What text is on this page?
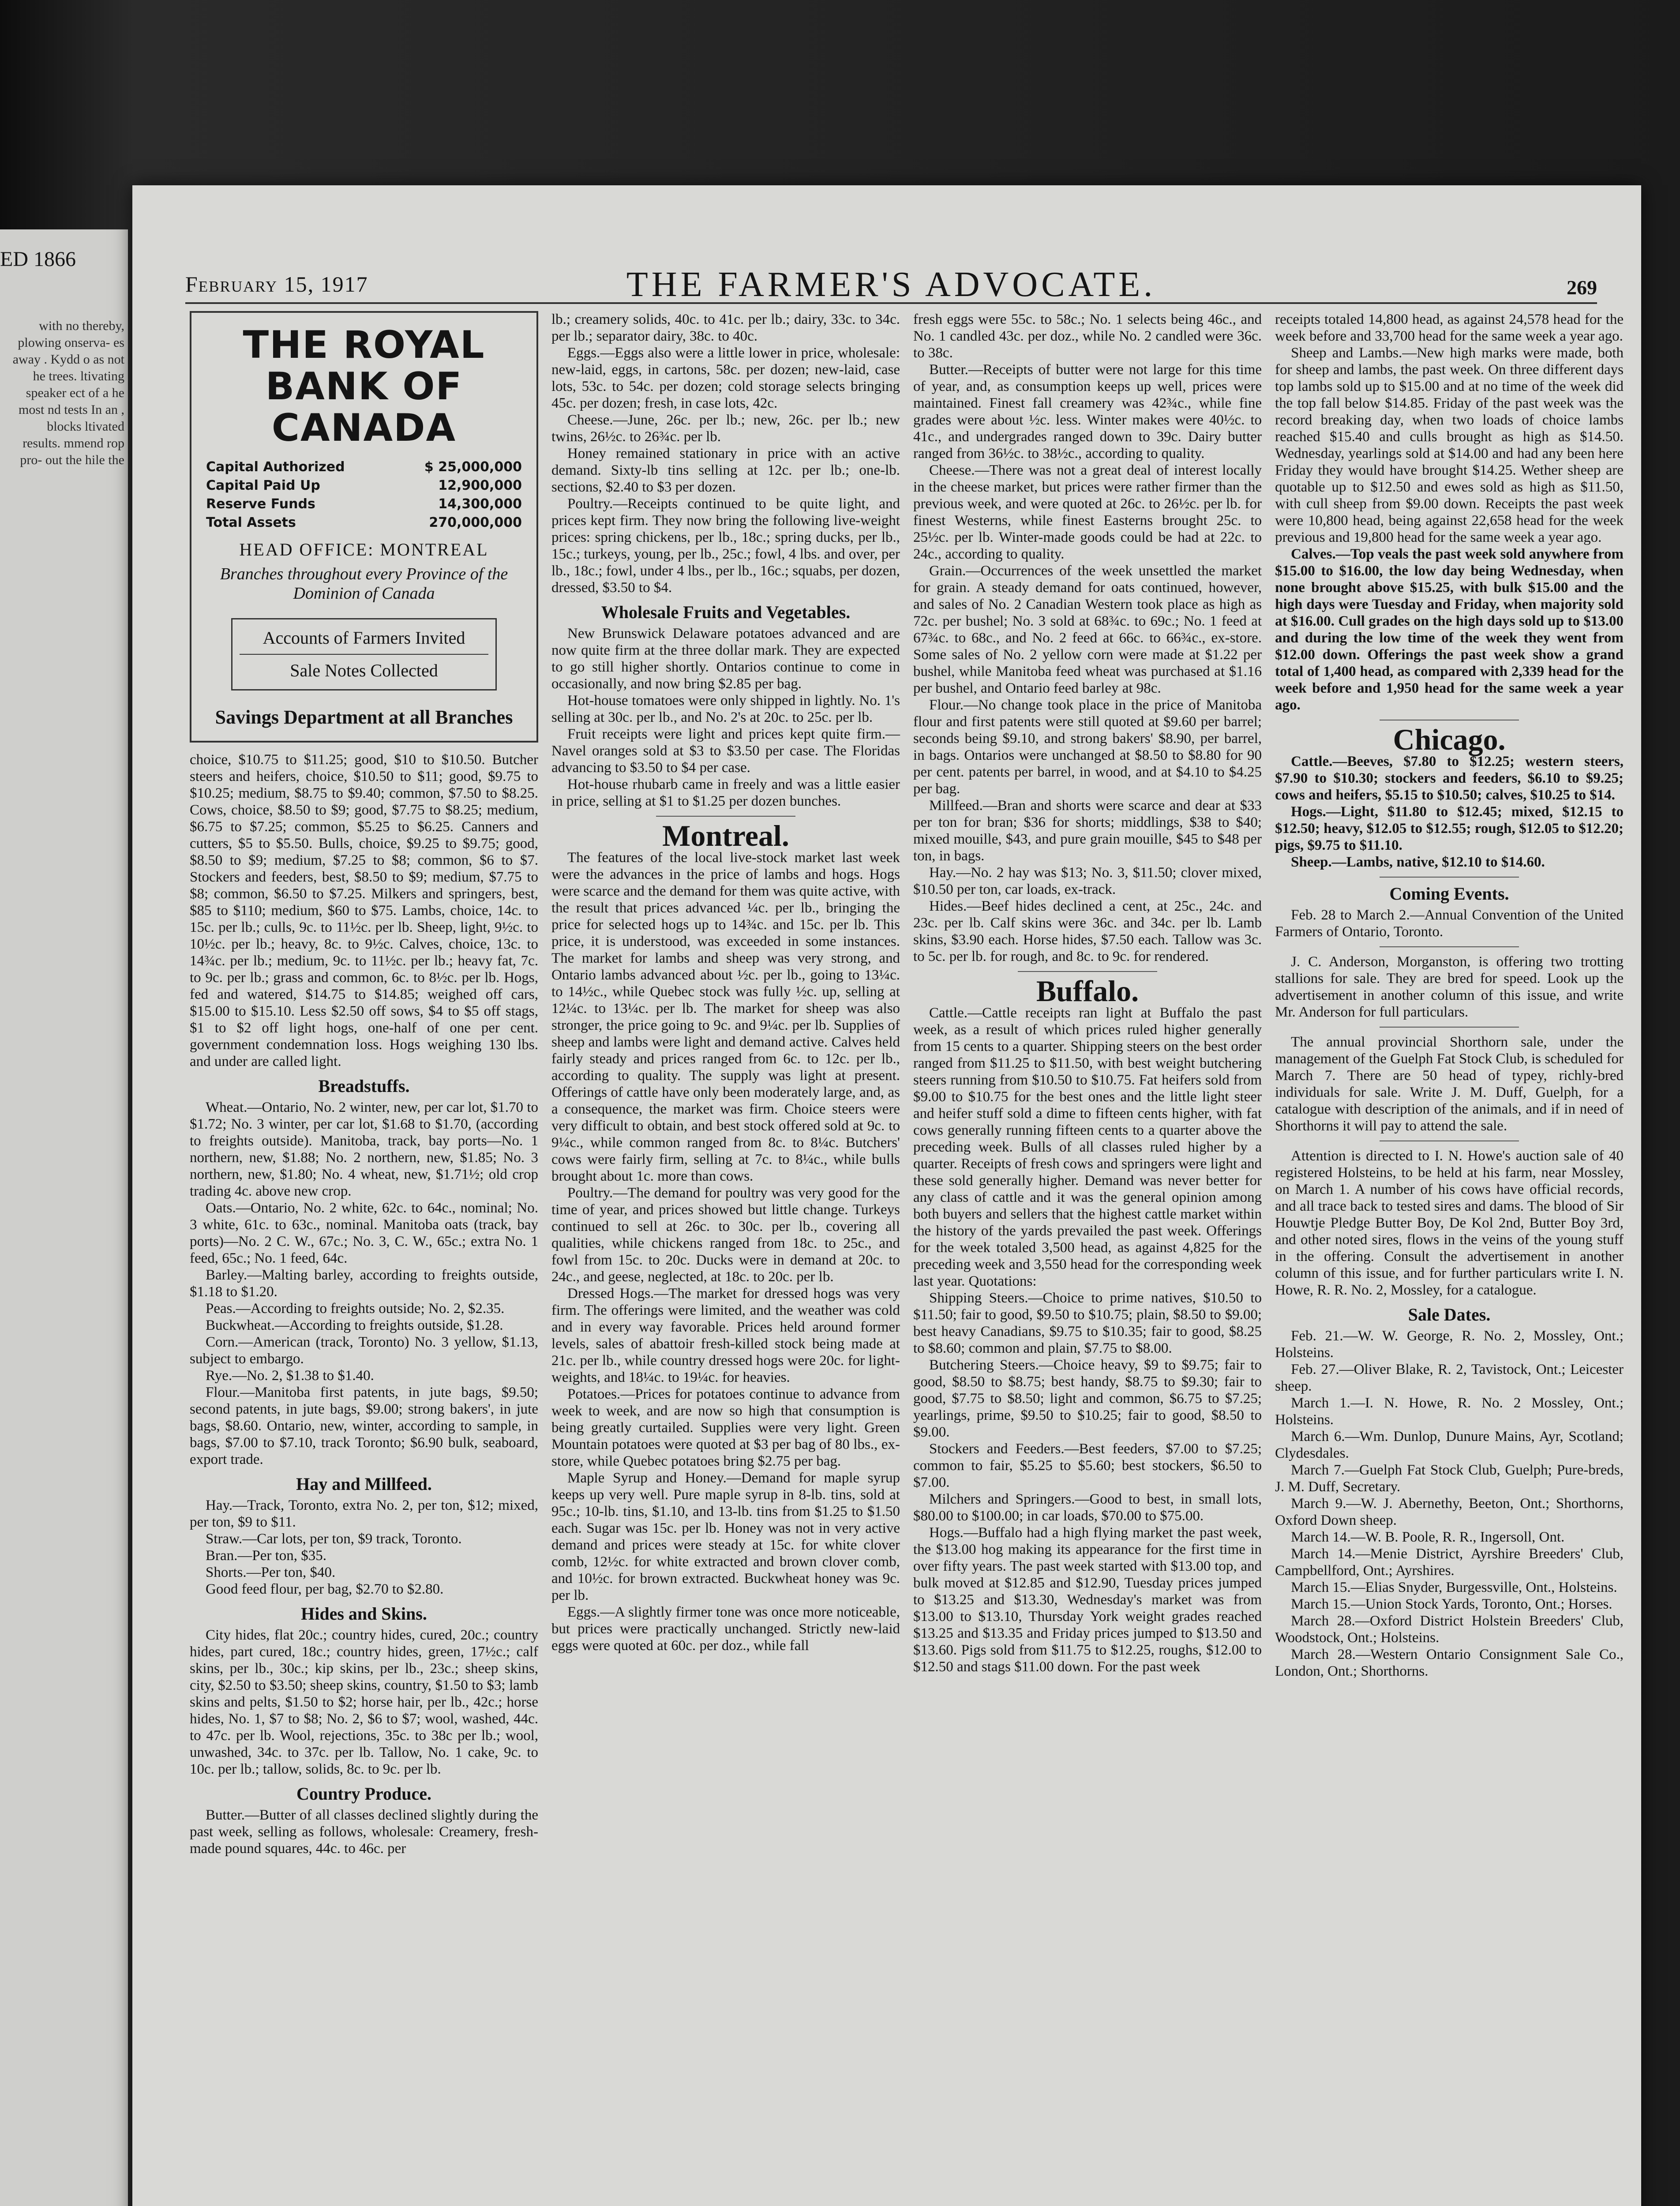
ED 1866
with no thereby, plowing onserva- es away . Kydd o as not he trees. ltivating speaker ect of a he most nd tests In an , blocks ltivated results. mmend rop pro- out the hile the
February 15, 1917	THE FARMER'S ADVOCATE.	269
THE ROYAL BANK OF CANADA
Capital Authorized	$ 25,000,000
Capital Paid Up	12,900,000
Reserve Funds	14,300,000
Total Assets	270,000,000
HEAD OFFICE: MONTREAL
Branches throughout every Province of the Dominion of Canada
Accounts of Farmers Invited
Sale Notes Collected
Savings Department at all Branches

choice, $10.75 to $11.25; good, $10 to $10.50. Butcher steers and heifers, choice, $10.50 to $11; good, $9.75 to $10.25; medium, $8.75 to $9.40; common, $7.50 to $8.25. Cows, choice, $8.50 to $9; good, $7.75 to $8.25; medium, $6.75 to $7.25; common, $5.25 to $6.25. Canners and cutters, $5 to $5.50. Bulls, choice, $9.25 to $9.75; good, $8.50 to $9; medium, $7.25 to $8; common, $6 to $7. Stockers and feeders, best, $8.50 to $9; medium, $7.75 to $8; common, $6.50 to $7.25. Milkers and springers, best, $85 to $110; medium, $60 to $75. Lambs, choice, 14c. to 15c. per lb.; culls, 9c. to 11½c. per lb. Sheep, light, 9½c. to 10½c. per lb.; heavy, 8c. to 9½c. Calves, choice, 13c. to 14¾c. per lb.; medium, 9c. to 11½c. per lb.; heavy fat, 7c. to 9c. per lb.; grass and common, 6c. to 8½c. per lb. Hogs, fed and watered, $14.75 to $14.85; weighed off cars, $15.00 to $15.10. Less $2.50 off sows, $4 to $5 off stags, $1 to $2 off light hogs, one-half of one per cent. government condemnation loss. Hogs weighing 130 lbs. and under are called light.

Breadstuffs.

Wheat.—Ontario, No. 2 winter, new, per car lot, $1.70 to $1.72; No. 3 winter, per car lot, $1.68 to $1.70, (according to freights outside). Manitoba, track, bay ports—No. 1 northern, new, $1.88; No. 2 northern, new, $1.85; No. 3 northern, new, $1.80; No. 4 wheat, new, $1.71½; old crop trading 4c. above new crop.

Oats.—Ontario, No. 2 white, 62c. to 64c., nominal; No. 3 white, 61c. to 63c., nominal. Manitoba oats (track, bay ports)—No. 2 C. W., 67c.; No. 3, C. W., 65c.; extra No. 1 feed, 65c.; No. 1 feed, 64c.

Barley.—Malting barley, according to freights outside, $1.18 to $1.20.

Peas.—According to freights outside; No. 2, $2.35.

Buckwheat.—According to freights outside, $1.28.

Corn.—American (track, Toronto) No. 3 yellow, $1.13, subject to embargo.

Rye.—No. 2, $1.38 to $1.40.

Flour.—Manitoba first patents, in jute bags, $9.50; second patents, in jute bags, $9.00; strong bakers', in jute bags, $8.60. Ontario, new, winter, according to sample, in bags, $7.00 to $7.10, track Toronto; $6.90 bulk, seaboard, export trade.

Hay and Millfeed.

Hay.—Track, Toronto, extra No. 2, per ton, $12; mixed, per ton, $9 to $11.

Straw.—Car lots, per ton, $9 track, Toronto.

Bran.—Per ton, $35.

Shorts.—Per ton, $40.

Good feed flour, per bag, $2.70 to $2.80.

Hides and Skins.

City hides, flat 20c.; country hides, cured, 20c.; country hides, part cured, 18c.; country hides, green, 17½c.; calf skins, per lb., 30c.; kip skins, per lb., 23c.; sheep skins, city, $2.50 to $3.50; sheep skins, country, $1.50 to $3; lamb skins and pelts, $1.50 to $2; horse hair, per lb., 42c.; horse hides, No. 1, $7 to $8; No. 2, $6 to $7; wool, washed, 44c. to 47c. per lb. Wool, rejections, 35c. to 38c per lb.; wool, unwashed, 34c. to 37c. per lb. Tallow, No. 1 cake, 9c. to 10c. per lb.; tallow, solids, 8c. to 9c. per lb.

Country Produce.

Butter.—Butter of all classes declined slightly during the past week, selling as follows, wholesale: Creamery, fresh-made pound squares, 44c. to 46c. per

lb.; creamery solids, 40c. to 41c. per lb.; dairy, 33c. to 34c. per lb.; separator dairy, 38c. to 40c.

Eggs.—Eggs also were a little lower in price, wholesale: new-laid, eggs, in cartons, 58c. per dozen; new-laid, case lots, 53c. to 54c. per dozen; cold storage selects bringing 45c. per dozen; fresh, in case lots, 42c.

Cheese.—June, 26c. per lb.; new, 26c. per lb.; new twins, 26½c. to 26¾c. per lb.

Honey remained stationary in price with an active demand. Sixty-lb tins selling at 12c. per lb.; one-lb. sections, $2.40 to $3 per dozen.

Poultry.—Receipts continued to be quite light, and prices kept firm. They now bring the following live-weight prices: spring chickens, per lb., 18c.; spring ducks, per lb., 15c.; turkeys, young, per lb., 25c.; fowl, 4 lbs. and over, per lb., 18c.; fowl, under 4 lbs., per lb., 16c.; squabs, per dozen, dressed, $3.50 to $4.

Wholesale Fruits and Vegetables.

New Brunswick Delaware potatoes advanced and are now quite firm at the three dollar mark. They are expected to go still higher shortly. Ontarios continue to come in occasionally, and now bring $2.85 per bag.

Hot-house tomatoes were only shipped in lightly. No. 1's selling at 30c. per lb., and No. 2's at 20c. to 25c. per lb.

Fruit receipts were light and prices kept quite firm.—Navel oranges sold at $3 to $3.50 per case. The Floridas advancing to $3.50 to $4 per case.

Hot-house rhubarb came in freely and was a little easier in price, selling at $1 to $1.25 per dozen bunches.

Montreal.

The features of the local live-stock market last week were the advances in the price of lambs and hogs. Hogs were scarce and the demand for them was quite active, with the result that prices advanced ¼c. per lb., bringing the price for selected hogs up to 14¾c. and 15c. per lb. This price, it is understood, was exceeded in some instances. The market for lambs and sheep was very strong, and Ontario lambs advanced about ½c. per lb., going to 13¼c. to 14½c., while Quebec stock was fully ½c. up, selling at 12¼c. to 13¼c. per lb. The market for sheep was also stronger, the price going to 9c. and 9¼c. per lb. Supplies of sheep and lambs were light and demand active. Calves held fairly steady and prices ranged from 6c. to 12c. per lb., according to quality. The supply was light at present. Offerings of cattle have only been moderately large, and, as a consequence, the market was firm. Choice steers were very difficult to obtain, and best stock offered sold at 9c. to 9¼c., while common ranged from 8c. to 8¼c. Butchers' cows were fairly firm, selling at 7c. to 8¼c., while bulls brought about 1c. more than cows.

Poultry.—The demand for poultry was very good for the time of year, and prices showed but little change. Turkeys continued to sell at 26c. to 30c. per lb., covering all qualities, while chickens ranged from 18c. to 25c., and fowl from 15c. to 20c. Ducks were in demand at 20c. to 24c., and geese, neglected, at 18c. to 20c. per lb.

Dressed Hogs.—The market for dressed hogs was very firm. The offerings were limited, and the weather was cold and in every way favorable. Prices held around former levels, sales of abattoir fresh-killed stock being made at 21c. per lb., while country dressed hogs were 20c. for light-weights, and 18¼c. to 19¼c. for heavies.

Potatoes.—Prices for potatoes continue to advance from week to week, and are now so high that consumption is being greatly curtailed. Supplies were very light. Green Mountain potatoes were quoted at $3 per bag of 80 lbs., ex-store, while Quebec potatoes bring $2.75 per bag.

Maple Syrup and Honey.—Demand for maple syrup keeps up very well. Pure maple syrup in 8-lb. tins, sold at 95c.; 10-lb. tins, $1.10, and 13-lb. tins from $1.25 to $1.50 each. Sugar was 15c. per lb. Honey was not in very active demand and prices were steady at 15c. for white clover comb, 12½c. for white extracted and brown clover comb, and 10½c. for brown extracted. Buckwheat honey was 9c. per lb.

Eggs.—A slightly firmer tone was once more noticeable, but prices were practically unchanged. Strictly new-laid eggs were quoted at 60c. per doz., while fall

fresh eggs were 55c. to 58c.; No. 1 selects being 46c., and No. 1 candled 43c. per doz., while No. 2 candled were 36c. to 38c.

Butter.—Receipts of butter were not large for this time of year, and, as consumption keeps up well, prices were maintained. Finest fall creamery was 42¾c., while fine grades were about ½c. less. Winter makes were 40½c. to 41c., and undergrades ranged down to 39c. Dairy butter ranged from 36½c. to 38½c., according to quality.

Cheese.—There was not a great deal of interest locally in the cheese market, but prices were rather firmer than the previous week, and were quoted at 26c. to 26½c. per lb. for finest Westerns, while finest Easterns brought 25c. to 25½c. per lb. Winter-made goods could be had at 22c. to 24c., according to quality.

Grain.—Occurrences of the week unsettled the market for grain. A steady demand for oats continued, however, and sales of No. 2 Canadian Western took place as high as 72c. per bushel; No. 3 sold at 68¾c. to 69c.; No. 1 feed at 67¾c. to 68c., and No. 2 feed at 66c. to 66¾c., ex-store. Some sales of No. 2 yellow corn were made at $1.22 per bushel, while Manitoba feed wheat was purchased at $1.16 per bushel, and Ontario feed barley at 98c.

Flour.—No change took place in the price of Manitoba flour and first patents were still quoted at $9.60 per barrel; seconds being $9.10, and strong bakers' $8.90, per barrel, in bags. Ontarios were unchanged at $8.50 to $8.80 for 90 per cent. patents per barrel, in wood, and at $4.10 to $4.25 per bag.

Millfeed.—Bran and shorts were scarce and dear at $33 per ton for bran; $36 for shorts; middlings, $38 to $40; mixed mouille, $43, and pure grain mouille, $45 to $48 per ton, in bags.

Hay.—No. 2 hay was $13; No. 3, $11.50; clover mixed, $10.50 per ton, car loads, ex-track.

Hides.—Beef hides declined a cent, at 25c., 24c. and 23c. per lb. Calf skins were 36c. and 34c. per lb. Lamb skins, $3.90 each. Horse hides, $7.50 each. Tallow was 3c. to 5c. per lb. for rough, and 8c. to 9c. for rendered.

Buffalo.

Cattle.—Cattle receipts ran light at Buffalo the past week, as a result of which prices ruled higher generally from 15 cents to a quarter. Shipping steers on the best order ranged from $11.25 to $11.50, with best weight butchering steers running from $10.50 to $10.75. Fat heifers sold from $9.00 to $10.75 for the best ones and the little light steer and heifer stuff sold a dime to fifteen cents higher, with fat cows generally running fifteen cents to a quarter above the preceding week. Bulls of all classes ruled higher by a quarter. Receipts of fresh cows and springers were light and these sold generally higher. Demand was never better for any class of cattle and it was the general opinion among both buyers and sellers that the highest cattle market within the history of the yards prevailed the past week. Offerings for the week totaled 3,500 head, as against 4,825 for the preceding week and 3,550 head for the corresponding week last year. Quotations:

Shipping Steers.—Choice to prime natives, $10.50 to $11.50; fair to good, $9.50 to $10.75; plain, $8.50 to $9.00; best heavy Canadians, $9.75 to $10.35; fair to good, $8.25 to $8.60; common and plain, $7.75 to $8.00.

Butchering Steers.—Choice heavy, $9 to $9.75; fair to good, $8.50 to $8.75; best handy, $8.75 to $9.30; fair to good, $7.75 to $8.50; light and common, $6.75 to $7.25; yearlings, prime, $9.50 to $10.25; fair to good, $8.50 to $9.00.

Stockers and Feeders.—Best feeders, $7.00 to $7.25; common to fair, $5.25 to $5.60; best stockers, $6.50 to $7.00.

Milchers and Springers.—Good to best, in small lots, $80.00 to $100.00; in car loads, $70.00 to $75.00.

Hogs.—Buffalo had a high flying market the past week, the $13.00 hog making its appearance for the first time in over fifty years. The past week started with $13.00 top, and bulk moved at $12.85 and $12.90, Tuesday prices jumped to $13.25 and $13.30, Wednesday's market was from $13.00 to $13.10, Thursday York weight grades reached $13.25 and $13.35 and Friday prices jumped to $13.50 and $13.60. Pigs sold from $11.75 to $12.25, roughs, $12.00 to $12.50 and stags $11.00 down. For the past week

receipts totaled 14,800 head, as against 24,578 head for the week before and 33,700 head for the same week a year ago.

Sheep and Lambs.—New high marks were made, both for sheep and lambs, the past week. On three different days top lambs sold up to $15.00 and at no time of the week did the top fall below $14.85. Friday of the past week was the record breaking day, when two loads of choice lambs reached $15.40 and culls brought as high as $14.50. Wednesday, yearlings sold at $14.00 and had any been here Friday they would have brought $14.25. Wether sheep are quotable up to $12.50 and ewes sold as high as $11.50, with cull sheep from $9.00 down. Receipts the past week were 10,800 head, being against 22,658 head for the week previous and 19,800 head for the same week a year ago.

Calves.—Top veals the past week sold anywhere from $15.00 to $16.00, the low day being Wednesday, when none brought above $15.25, with bulk $15.00 and the high days were Tuesday and Friday, when majority sold at $16.00. Cull grades on the high days sold up to $13.00 and during the low time of the week they went from $12.00 down. Offerings the past week show a grand total of 1,400 head, as compared with 2,339 head for the week before and 1,950 head for the same week a year ago.

Chicago.

Cattle.—Beeves, $7.80 to $12.25; western steers, $7.90 to $10.30; stockers and feeders, $6.10 to $9.25; cows and heifers, $5.15 to $10.50; calves, $10.25 to $14.

Hogs.—Light, $11.80 to $12.45; mixed, $12.15 to $12.50; heavy, $12.05 to $12.55; rough, $12.05 to $12.20; pigs, $9.75 to $11.10.

Sheep.—Lambs, native, $12.10 to $14.60.

Coming Events.

Feb. 28 to March 2.—Annual Convention of the United Farmers of Ontario, Toronto.

J. C. Anderson, Morganston, is offering two trotting stallions for sale. They are bred for speed. Look up the advertisement in another column of this issue, and write Mr. Anderson for full particulars.

The annual provincial Shorthorn sale, under the management of the Guelph Fat Stock Club, is scheduled for March 7. There are 50 head of typey, richly-bred individuals for sale. Write J. M. Duff, Guelph, for a catalogue with description of the animals, and if in need of Shorthorns it will pay to attend the sale.

Attention is directed to I. N. Howe's auction sale of 40 registered Holsteins, to be held at his farm, near Mossley, on March 1. A number of his cows have official records, and all trace back to tested sires and dams. The blood of Sir Houwtje Pledge Butter Boy, De Kol 2nd, Butter Boy 3rd, and other noted sires, flows in the veins of the young stuff in the offering. Consult the advertisement in another column of this issue, and for further particulars write I. N. Howe, R. R. No. 2, Mossley, for a catalogue.

Sale Dates.

Feb. 21.—W. W. George, R. No. 2, Mossley, Ont.; Holsteins.

Feb. 27.—Oliver Blake, R. 2, Tavistock, Ont.; Leicester sheep.

March 1.—I. N. Howe, R. No. 2 Mossley, Ont.; Holsteins.

March 6.—Wm. Dunlop, Dunure Mains, Ayr, Scotland; Clydesdales.

March 7.—Guelph Fat Stock Club, Guelph; Pure-breds, J. M. Duff, Secretary.

March 9.—W. J. Abernethy, Beeton, Ont.; Shorthorns, Oxford Down sheep.

March 14.—W. B. Poole, R. R., Ingersoll, Ont.

March 14.—Menie District, Ayrshire Breeders' Club, Campbellford, Ont.; Ayrshires.

March 15.—Elias Snyder, Burgessville, Ont., Holsteins.

March 15.—Union Stock Yards, Toronto, Ont.; Horses.

March 28.—Oxford District Holstein Breeders' Club, Woodstock, Ont.; Holsteins.

March 28.—Western Ontario Consignment Sale Co., London, Ont.; Shorthorns.
